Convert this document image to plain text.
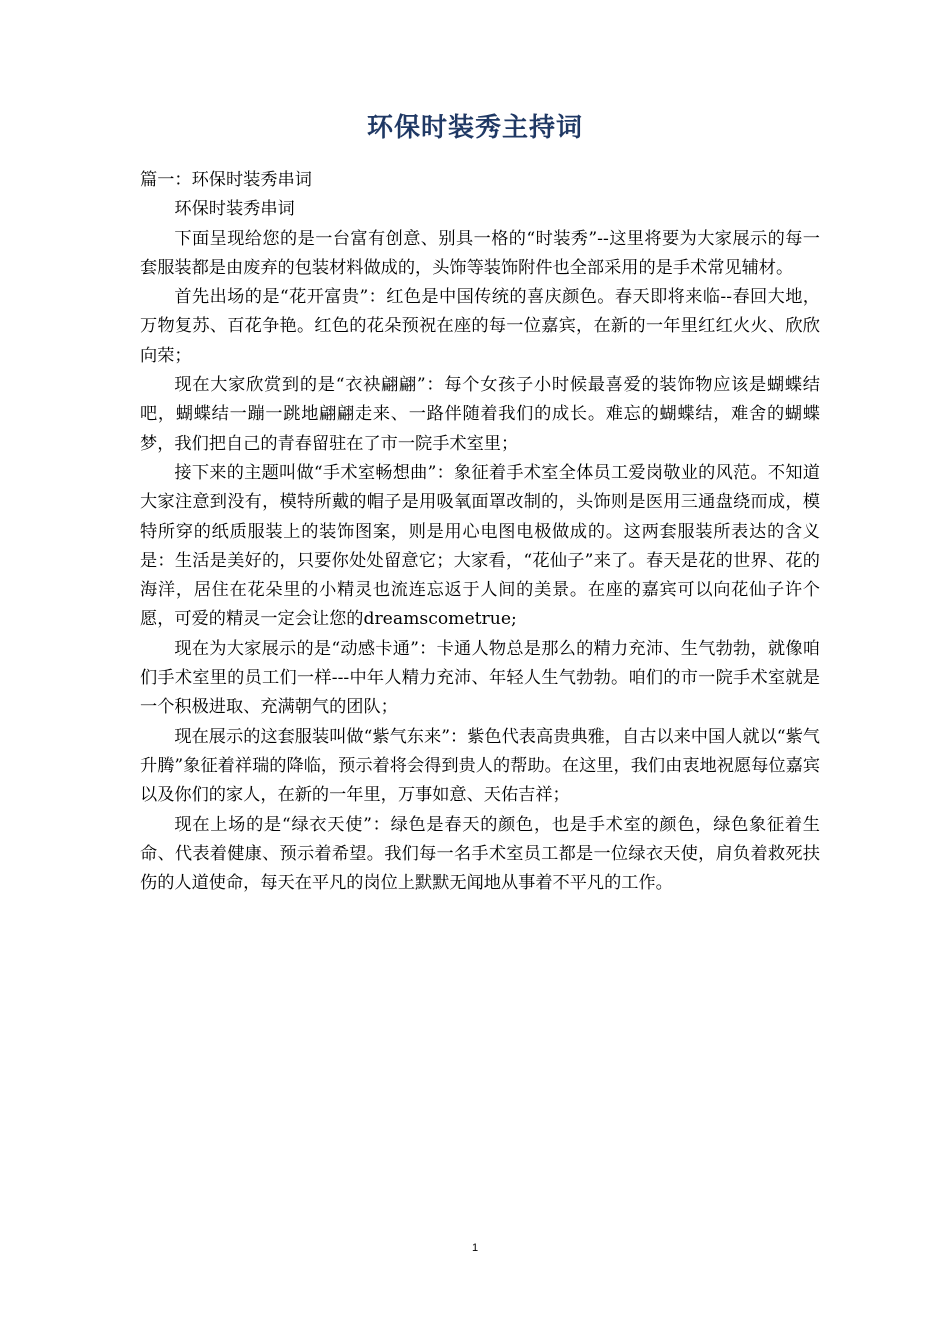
环保时装秀主持词

篇一：环保时装秀串词

环保时装秀串词

下面呈现给您的是一台富有创意、别具一格的“时装秀”--这里将要为大家展示的每一套服装都是由废弃的包装材料做成的，头饰等装饰附件也全部采用的是手术常见辅材。

首先出场的是“花开富贵”：红色是中国传统的喜庆颜色。春天即将来临--春回大地，万物复苏、百花争艳。红色的花朵预祝在座的每一位嘉宾，在新的一年里红红火火、欣欣向荣；

现在大家欣赏到的是“衣袂翩翩”：每个女孩子小时候最喜爱的装饰物应该是蝴蝶结吧，蝴蝶结一蹦一跳地翩翩走来、一路伴随着我们的成长。难忘的蝴蝶结，难舍的蝴蝶梦，我们把自己的青春留驻在了市一院手术室里；

接下来的主题叫做“手术室畅想曲”：象征着手术室全体员工爱岗敬业的风范。不知道大家注意到没有，模特所戴的帽子是用吸氧面罩改制的，头饰则是医用三通盘绕而成，模特所穿的纸质服装上的装饰图案，则是用心电图电极做成的。这两套服装所表达的含义是：生活是美好的，只要你处处留意它；大家看，“花仙子”来了。春天是花的世界、花的海洋，居住在花朵里的小精灵也流连忘返于人间的美景。在座的嘉宾可以向花仙子许个愿，可爱的精灵一定会让您的dreamscometrue;

现在为大家展示的是“动感卡通”：卡通人物总是那么的精力充沛、生气勃勃，就像咱们手术室里的员工们一样---中年人精力充沛、年轻人生气勃勃。咱们的市一院手术室就是一个积极进取、充满朝气的团队；

现在展示的这套服装叫做“紫气东来”：紫色代表高贵典雅，自古以来中国人就以“紫气升腾”象征着祥瑞的降临，预示着将会得到贵人的帮助。在这里，我们由衷地祝愿每位嘉宾以及你们的家人，在新的一年里，万事如意、天佑吉祥；

现在上场的是“绿衣天使”：绿色是春天的颜色，也是手术室的颜色，绿色象征着生命、代表着健康、预示着希望。我们每一名手术室员工都是一位绿衣天使，肩负着救死扶伤的人道使命，每天在平凡的岗位上默默无闻地从事着不平凡的工作。

1
